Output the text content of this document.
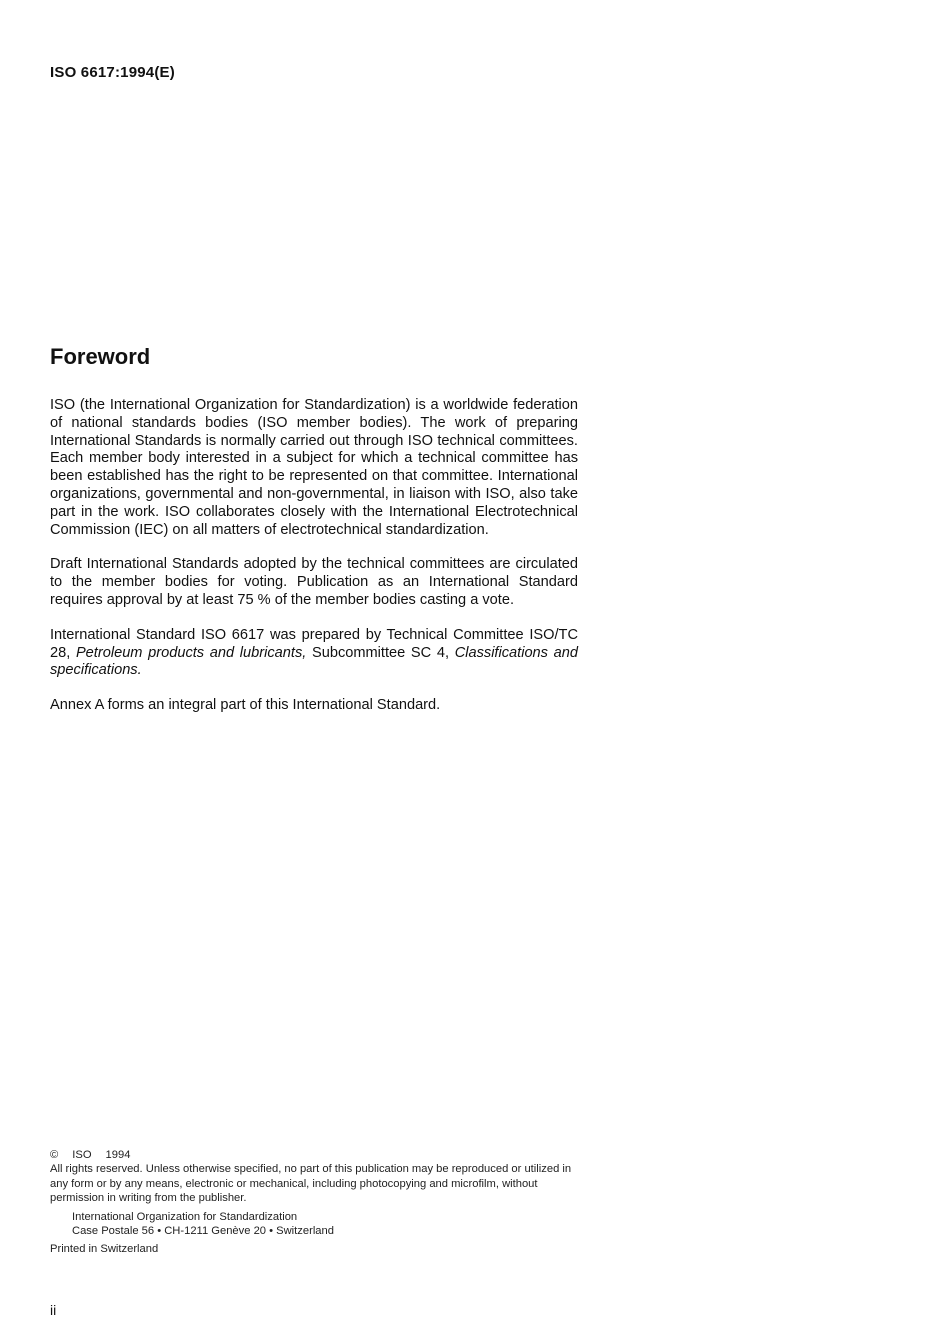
ISO 6617:1994(E)
Foreword

ISO (the International Organization for Standardization) is a worldwide federation of national standards bodies (ISO member bodies). The work of preparing International Standards is normally carried out through ISO technical committees. Each member body interested in a subject for which a technical committee has been established has the right to be represented on that committee. International organizations, governmental and non-governmental, in liaison with ISO, also take part in the work. ISO collaborates closely with the International Electrotechnical Commission (IEC) on all matters of electrotechnical standardization.

Draft International Standards adopted by the technical committees are circulated to the member bodies for voting. Publication as an International Standard requires approval by at least 75 % of the member bodies casting a vote.

International Standard ISO 6617 was prepared by Technical Committee ISO/TC 28, Petroleum products and lubricants, Subcommittee SC 4, Classifications and specifications.

Annex A forms an integral part of this International Standard.

© ISO 1994

All rights reserved. Unless otherwise specified, no part of this publication may be reproduced or utilized in any form or by any means, electronic or mechanical, including photocopying and microfilm, without permission in writing from the publisher.

International Organization for Standardization
Case Postale 56 • CH-1211 Genève 20 • Switzerland

Printed in Switzerland

ii
